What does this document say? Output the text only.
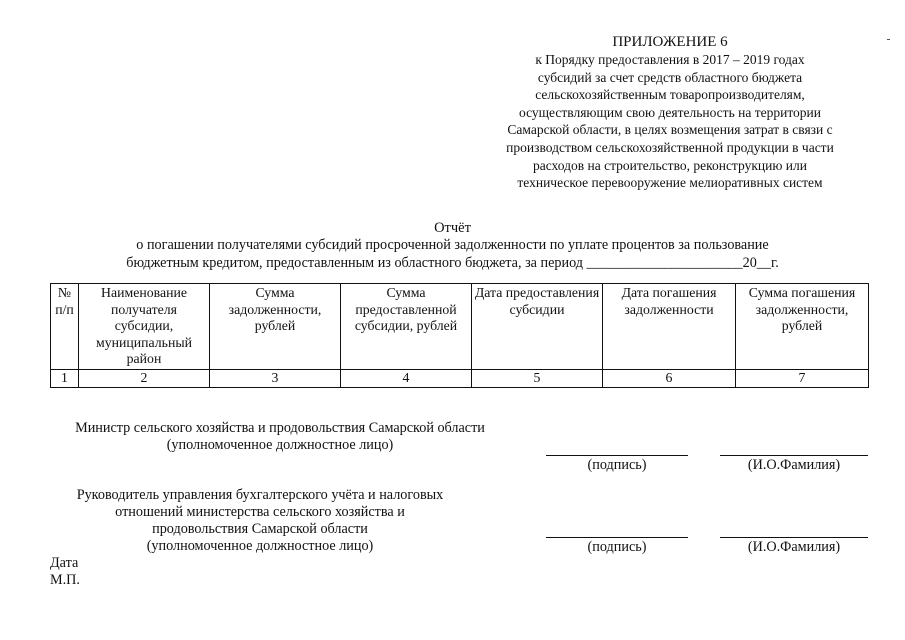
ПРИЛОЖЕНИЕ 6
к Порядку предоставления в 2017 – 2019 годах
субсидий за счет средств областного бюджета
сельскохозяйственным товаропроизводителям,
осуществляющим свою деятельность на территории
Самарской области, в целях возмещения затрат в связи с
производством сельскохозяйственной продукции в части
расходов на строительство, реконструкцию или
техническое перевооружение мелиоративных систем
Отчёт
о погашении получателями субсидий просроченной задолженности по уплате процентов за пользование
бюджетным кредитом, предоставленным из областного бюджета, за период ______________________20__г.
№ п/п	Наименование получателя субсидии, муниципальный район	Сумма задолженности, рублей	Сумма предоставленной субсидии, рублей	Дата предоставления субсидии	Дата погашения задолженности	Сумма погашения задолженности, рублей
1	2	3	4	5	6	7
Министр сельского хозяйства и продовольствия Самарской области
(уполномоченное должностное лицо)
(подпись)	(И.О.Фамилия)
Руководитель управления бухгалтерского учёта и налоговых
отношений министерства сельского хозяйства и
продовольствия Самарской области
(уполномоченное должностное лицо)	(подпись)	(И.О.Фамилия)
Дата
М.П.
